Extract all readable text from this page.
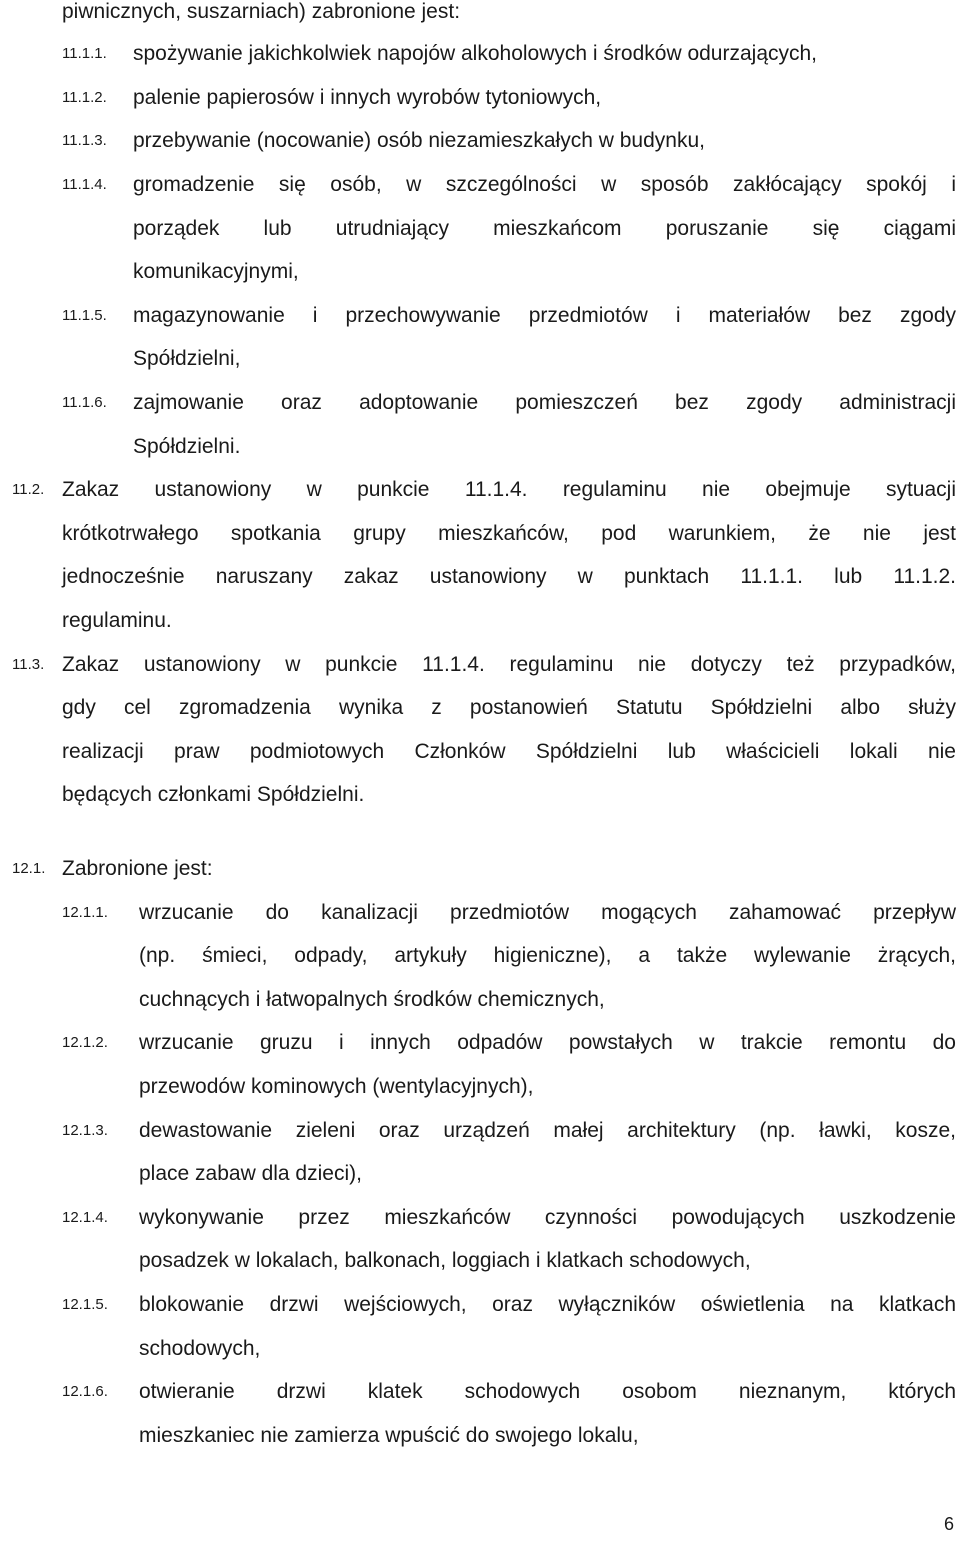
piwnicznych, suszarniach) zabronione jest:
11.1.1. spożywanie jakichkolwiek napojów alkoholowych i środków odurzających,
11.1.2. palenie papierosów i innych wyrobów tytoniowych,
11.1.3. przebywanie (nocowanie) osób niezamieszkałych w budynku,
11.1.4. gromadzenie się osób, w szczególności w sposób zakłócający spokój i
porządek lub utrudniający mieszkańcom poruszanie się ciągami
komunikacyjnymi,
11.1.5. magazynowanie i przechowywanie przedmiotów i materiałów bez zgody
Spółdzielni,
11.1.6. zajmowanie oraz adoptowanie pomieszczeń bez zgody administracji
Spółdzielni.
11.2. Zakaz ustanowiony w punkcie 11.1.4. regulaminu nie obejmuje sytuacji
krótkotrwałego spotkania grupy mieszkańców, pod warunkiem, że nie jest
jednocześnie naruszany zakaz ustanowiony w punktach 11.1.1. lub 11.1.2.
regulaminu.
11.3. Zakaz ustanowiony w punkcie 11.1.4. regulaminu nie dotyczy też przypadków,
gdy cel zgromadzenia wynika z postanowień Statutu Spółdzielni albo służy
realizacji praw podmiotowych Członków Spółdzielni lub właścicieli lokali nie
będących członkami Spółdzielni.
12.1. Zabronione jest:
12.1.1. wrzucanie do kanalizacji przedmiotów mogących zahamować przepływ
(np. śmieci, odpady, artykuły higieniczne), a także wylewanie żrących,
cuchnących i łatwopalnych środków chemicznych,
12.1.2. wrzucanie gruzu i innych odpadów powstałych w trakcie remontu do
przewodów kominowych (wentylacyjnych),
12.1.3. dewastowanie zieleni oraz urządzeń małej architektury (np. ławki, kosze,
place zabaw dla dzieci),
12.1.4. wykonywanie przez mieszkańców czynności powodujących uszkodzenie
posadzek w lokalach, balkonach, loggiach i klatkach schodowych,
12.1.5. blokowanie drzwi wejściowych, oraz wyłączników oświetlenia na klatkach
schodowych,
12.1.6. otwieranie drzwi klatek schodowych osobom nieznanym, których
mieszkaniec nie zamierza wpuścić do swojego lokalu,
6
